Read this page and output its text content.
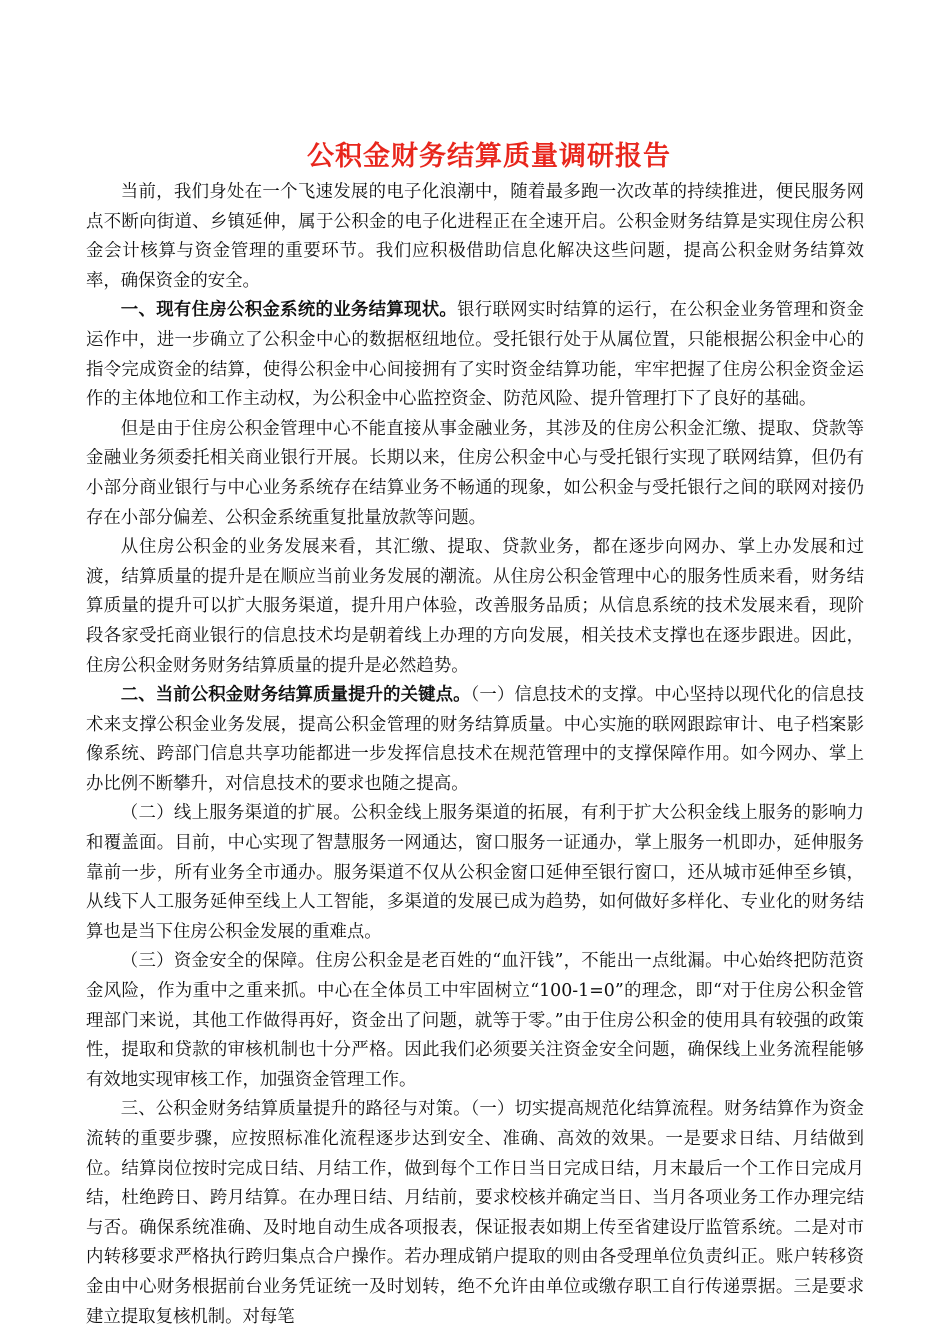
公积金财务结算质量调研报告

当前，我们身处在一个飞速发展的电子化浪潮中，随着最多跑一次改革的持续推进，便民服务网点不断向街道、乡镇延伸，属于公积金的电子化进程正在全速开启。公积金财务结算是实现住房公积金会计核算与资金管理的重要环节。我们应积极借助信息化解决这些问题，提高公积金财务结算效率，确保资金的安全。

一、现有住房公积金系统的业务结算现状。银行联网实时结算的运行，在公积金业务管理和资金运作中，进一步确立了公积金中心的数据枢纽地位。受托银行处于从属位置，只能根据公积金中心的指令完成资金的结算，使得公积金中心间接拥有了实时资金结算功能，牢牢把握了住房公积金资金运作的主体地位和工作主动权，为公积金中心监控资金、防范风险、提升管理打下了良好的基础。

但是由于住房公积金管理中心不能直接从事金融业务，其涉及的住房公积金汇缴、提取、贷款等金融业务须委托相关商业银行开展。长期以来，住房公积金中心与受托银行实现了联网结算，但仍有小部分商业银行与中心业务系统存在结算业务不畅通的现象，如公积金与受托银行之间的联网对接仍存在小部分偏差、公积金系统重复批量放款等问题。

从住房公积金的业务发展来看，其汇缴、提取、贷款业务，都在逐步向网办、掌上办发展和过渡，结算质量的提升是在顺应当前业务发展的潮流。从住房公积金管理中心的服务性质来看，财务结算质量的提升可以扩大服务渠道，提升用户体验，改善服务品质；从信息系统的技术发展来看，现阶段各家受托商业银行的信息技术均是朝着线上办理的方向发展，相关技术支撑也在逐步跟进。因此，住房公积金财务财务结算质量的提升是必然趋势。

二、当前公积金财务结算质量提升的关键点。（一）信息技术的支撑。中心坚持以现代化的信息技术来支撑公积金业务发展，提高公积金管理的财务结算质量。中心实施的联网跟踪审计、电子档案影像系统、跨部门信息共享功能都进一步发挥信息技术在规范管理中的支撑保障作用。如今网办、掌上办比例不断攀升，对信息技术的要求也随之提高。

（二）线上服务渠道的扩展。公积金线上服务渠道的拓展，有利于扩大公积金线上服务的影响力和覆盖面。目前，中心实现了智慧服务一网通达，窗口服务一证通办，掌上服务一机即办，延伸服务靠前一步，所有业务全市通办。服务渠道不仅从公积金窗口延伸至银行窗口，还从城市延伸至乡镇，从线下人工服务延伸至线上人工智能，多渠道的发展已成为趋势，如何做好多样化、专业化的财务结算也是当下住房公积金发展的重难点。

（三）资金安全的保障。住房公积金是老百姓的“血汗钱”，不能出一点纰漏。中心始终把防范资金风险，作为重中之重来抓。中心在全体员工中牢固树立“100-1=0”的理念，即“对于住房公积金管理部门来说，其他工作做得再好，资金出了问题，就等于零。”由于住房公积金的使用具有较强的政策性，提取和贷款的审核机制也十分严格。因此我们必须要关注资金安全问题，确保线上业务流程能够有效地实现审核工作，加强资金管理工作。

三、公积金财务结算质量提升的路径与对策。（一）切实提高规范化结算流程。财务结算作为资金流转的重要步骤，应按照标准化流程逐步达到安全、准确、高效的效果。一是要求日结、月结做到位。结算岗位按时完成日结、月结工作，做到每个工作日当日完成日结，月末最后一个工作日完成月结，杜绝跨日、跨月结算。在办理日结、月结前，要求校核并确定当日、当月各项业务工作办理完结与否。确保系统准确、及时地自动生成各项报表，保证报表如期上传至省建设厅监管系统。二是对市内转移要求严格执行跨归集点合户操作。若办理成销户提取的则由各受理单位负责纠正。账户转移资金由中心财务根据前台业务凭证统一及时划转，绝不允许由单位或缴存职工自行传递票据。三是要求建立提取复核机制。对每笔
